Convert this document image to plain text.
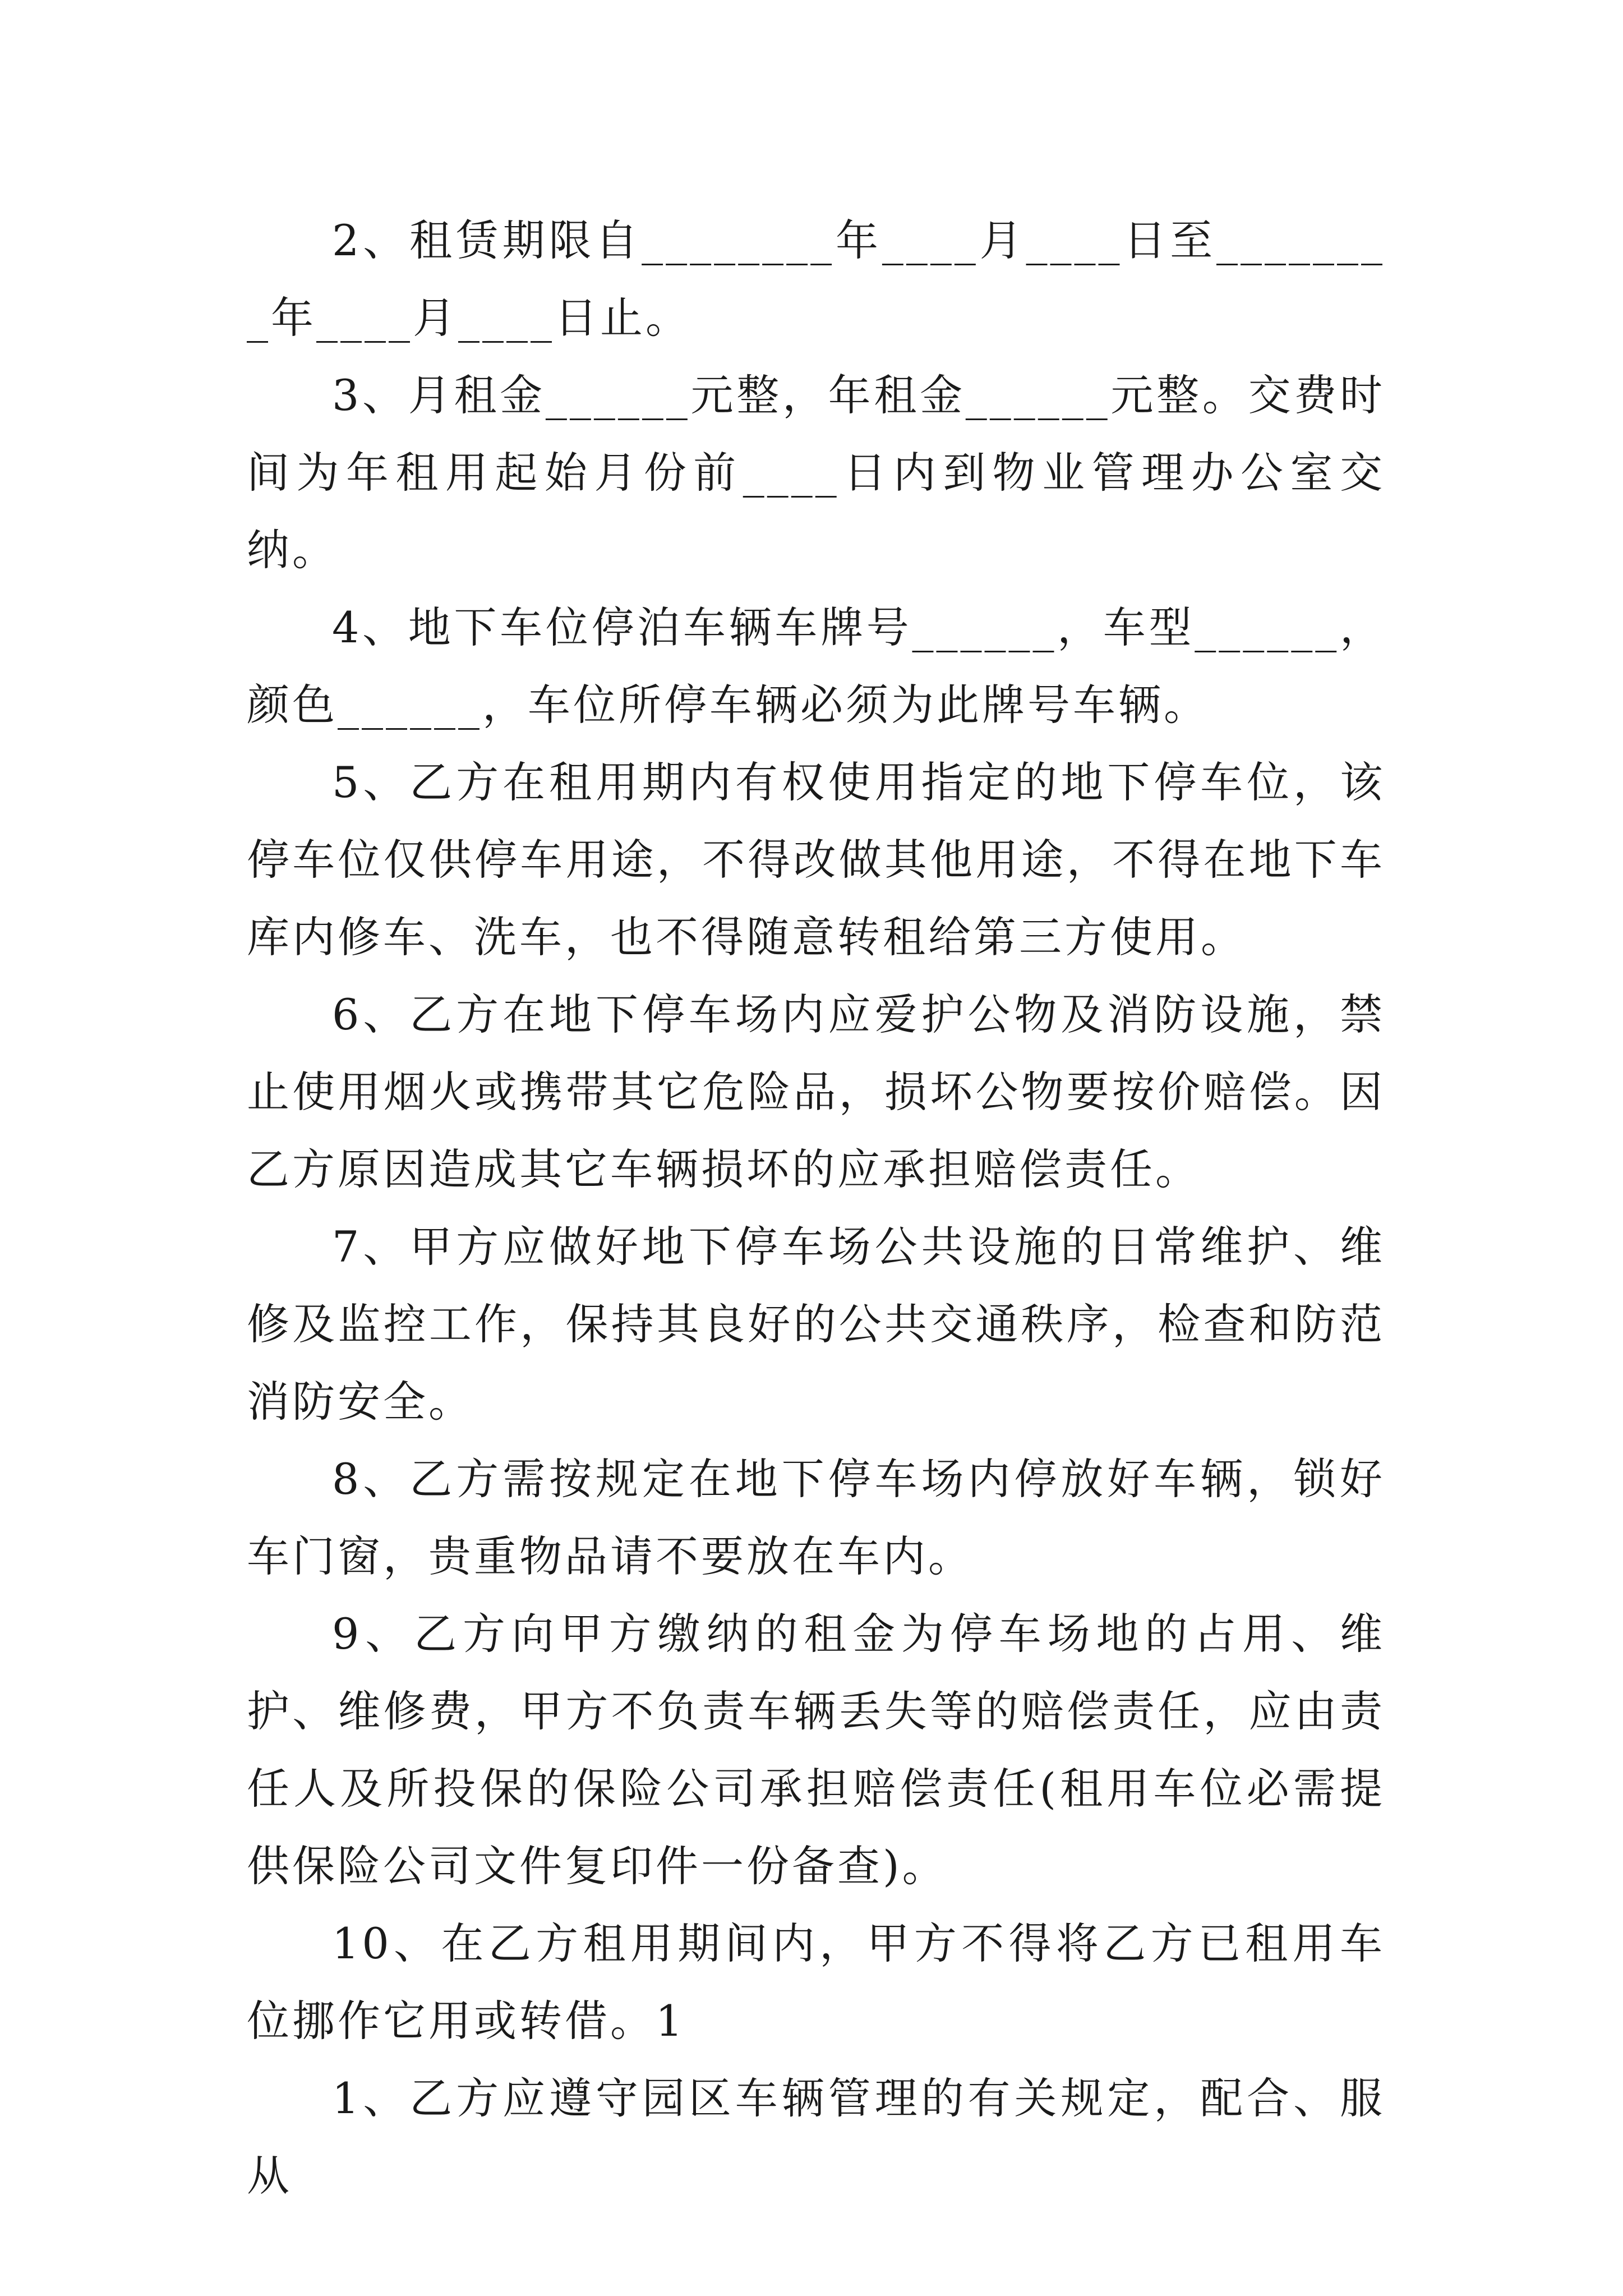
2、租赁期限自________年____月____日至________年____月____日止。

3、月租金______元整，年租金______元整。交费时间为年租用起始月份前____日内到物业管理办公室交纳。

4、地下车位停泊车辆车牌号______，车型______，颜色______，车位所停车辆必须为此牌号车辆。

5、乙方在租用期内有权使用指定的地下停车位，该停车位仅供停车用途，不得改做其他用途，不得在地下车库内修车、洗车，也不得随意转租给第三方使用。

6、乙方在地下停车场内应爱护公物及消防设施，禁止使用烟火或携带其它危险品，损坏公物要按价赔偿。因乙方原因造成其它车辆损坏的应承担赔偿责任。

7、甲方应做好地下停车场公共设施的日常维护、维修及监控工作，保持其良好的公共交通秩序，检查和防范消防安全。

8、乙方需按规定在地下停车场内停放好车辆，锁好车门窗，贵重物品请不要放在车内。

9、乙方向甲方缴纳的租金为停车场地的占用、维护、维修费，甲方不负责车辆丢失等的赔偿责任，应由责任人及所投保的保险公司承担赔偿责任(租用车位必需提供保险公司文件复印件一份备查)。

10、在乙方租用期间内，甲方不得将乙方已租用车位挪作它用或转借。1

1、乙方应遵守园区车辆管理的有关规定，配合、服从
